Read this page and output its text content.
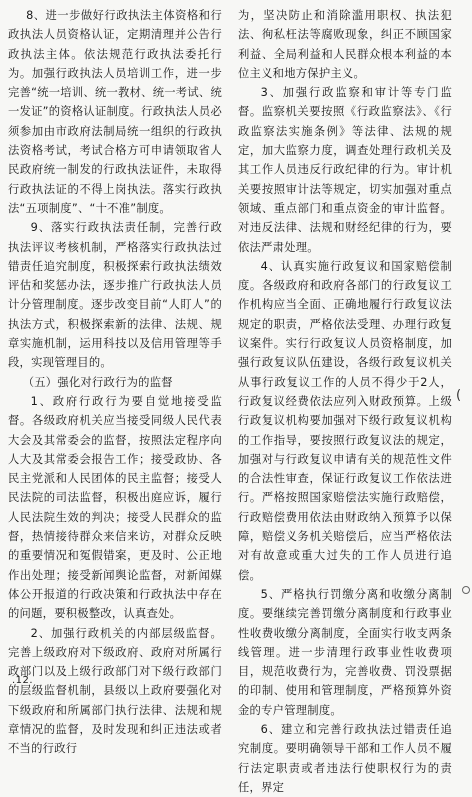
8、进一步做好行政执法主体资格和行政执法人员资格认证，定期清理并公告行政执法主体。依法规范行政执法委托行为。加强行政执法人员培训工作，进一步完善“统一培训、统一教材、统一考试、统一发证”的资格认证制度。行政执法人员必须参加由市政府法制局统一组织的行政执法资格考试，考试合格方可申请领取省人民政府统一制发的行政执法证件，未取得行政执法证的不得上岗执法。落实行政执法“五项制度”、“十不准”制度。

9、落实行政执法责任制，完善行政执法评议考核机制，严格落实行政执法过错责任追究制度，积极探索行政执法绩效评估和奖惩办法，逐步推广行政执法人员计分管理制度。逐步改变目前“人盯人”的执法方式，积极探索新的法律、法规、规章实施机制，运用科技以及信用管理等手段，实现管理目的。

（五）强化对行政行为的监督

1、政府行政行为要自觉地接受监督。各级政府机关应当接受同级人民代表大会及其常委会的监督，按照法定程序向人大及其常委会报告工作；接受政协、各民主党派和人民团体的民主监督；接受人民法院的司法监督，积极出庭应诉，履行人民法院生效的判决；接受人民群众的监督，热情接待群众来信来访，对群众反映的重要情况和冤假错案，更及时、公正地作出处理；接受新闻舆论监督，对新闻媒体公开报道的行政决策和行政执法中存在的问题，要积极整改，认真查处。

2、加强行政机关的内部层级监督。完善上级政府对下级政府、政府对所属行政部门以及上级行政部门对下级行政部门的层级监督机制，县级以上政府要强化对下级政府和所属部门执行法律、法规和规章情况的监督，及时发现和纠正违法或者不当的行政行

为，坚决防止和消除滥用职权、执法犯法、徇私枉法等腐败现象，纠正不顾国家利益、全局利益和人民群众根本利益的本位主义和地方保护主义。

3、加强行政监察和审计等专门监督。监察机关要按照《行政监察法》、《行政监察法实施条例》等法律、法规的规定，加大监察力度，调查处理行政机关及其工作人员违反行政纪律的行为。审计机关要按照审计法等规定，切实加强对重点领域、重点部门和重点资金的审计监督。对违反法律、法规和财经纪律的行为，要依法严肃处理。

4、认真实施行政复议和国家赔偿制度。各级政府和政府各部门的行政复议工作机构应当全面、正确地履行行政复议法规定的职责，严格依法受理、办理行政复议案件。实行行政复议人员资格制度，加强行政复议队伍建设，各级行政复议机关从事行政复议工作的人员不得少于2人，行政复议经费依法应列入财政预算。上级行政复议机构要加强对下级行政复议机构的工作指导，要按照行政复议法的规定，加强对与行政复议申请有关的规范性文件的合法性审查，保证行政复议工作依法进行。严格按照国家赔偿法实施行政赔偿，行政赔偿费用依法由财政纳入预算予以保障，赔偿义务机关赔偿后，应当严格依法对有故意或重大过失的工作人员进行追偿。

5、严格执行罚缴分离和收缴分离制度。要继续完善罚缴分离制度和行政事业性收费收缴分离制度，全面实行收支两条线管理。进一步清理行政事业性收费项目，规范收费行为，完善收费、罚没票据的印制、使用和管理制度，严格预算外资金的专户管理制度。

6、建立和完善行政执法过错责任追究制度。要明确领导干部和工作人员不履行法定职责或者违法行使职权行为的责任，界定

.12.
(
